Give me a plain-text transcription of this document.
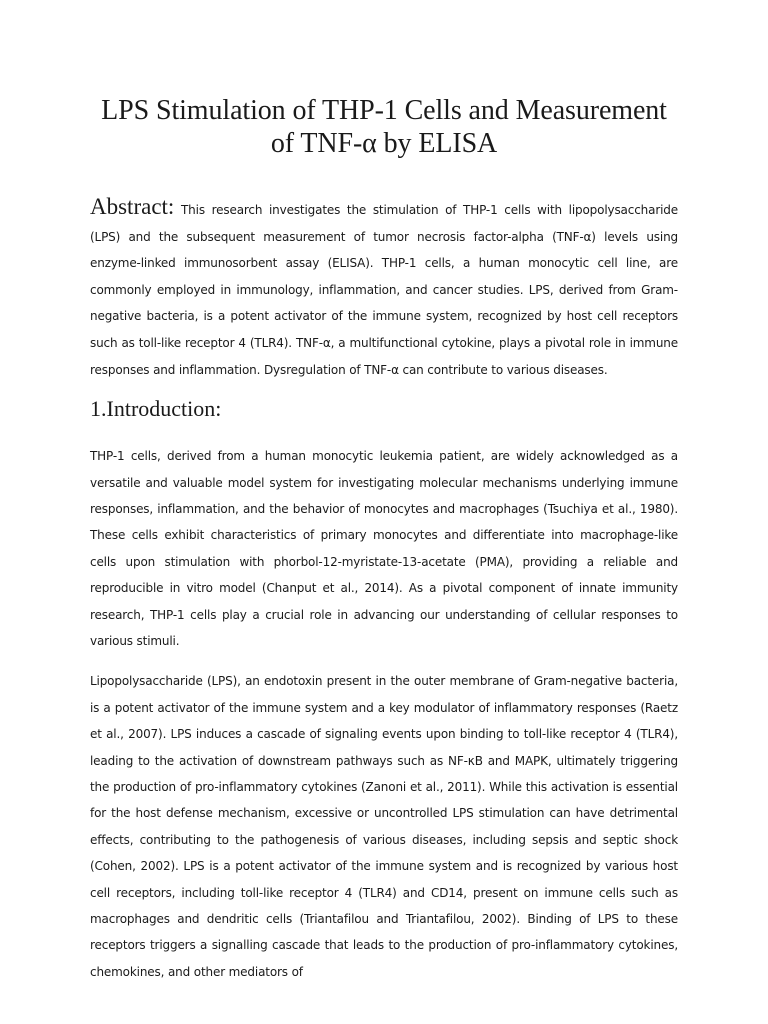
LPS Stimulation of THP-1 Cells and Measurement of TNF-α by ELISA

Abstract: This research investigates the stimulation of THP-1 cells with lipopolysaccharide (LPS) and the subsequent measurement of tumor necrosis factor-alpha (TNF-α) levels using enzyme-linked immunosorbent assay (ELISA). THP-1 cells, a human monocytic cell line, are commonly employed in immunology, inflammation, and cancer studies. LPS, derived from Gram-negative bacteria, is a potent activator of the immune system, recognized by host cell receptors such as toll-like receptor 4 (TLR4). TNF-α, a multifunctional cytokine, plays a pivotal role in immune responses and inflammation. Dysregulation of TNF-α can contribute to various diseases.

1.Introduction:

THP-1 cells, derived from a human monocytic leukemia patient, are widely acknowledged as a versatile and valuable model system for investigating molecular mechanisms underlying immune responses, inflammation, and the behavior of monocytes and macrophages (Tsuchiya et al., 1980). These cells exhibit characteristics of primary monocytes and differentiate into macrophage-like cells upon stimulation with phorbol-12-myristate-13-acetate (PMA), providing a reliable and reproducible in vitro model (Chanput et al., 2014). As a pivotal component of innate immunity research, THP-1 cells play a crucial role in advancing our understanding of cellular responses to various stimuli.

Lipopolysaccharide (LPS), an endotoxin present in the outer membrane of Gram-negative bacteria, is a potent activator of the immune system and a key modulator of inflammatory responses (Raetz et al., 2007). LPS induces a cascade of signaling events upon binding to toll-like receptor 4 (TLR4), leading to the activation of downstream pathways such as NF-κB and MAPK, ultimately triggering the production of pro-inflammatory cytokines (Zanoni et al., 2011). While this activation is essential for the host defense mechanism, excessive or uncontrolled LPS stimulation can have detrimental effects, contributing to the pathogenesis of various diseases, including sepsis and septic shock (Cohen, 2002). LPS is a potent activator of the immune system and is recognized by various host cell receptors, including toll-like receptor 4 (TLR4) and CD14, present on immune cells such as macrophages and dendritic cells (Triantafilou and Triantafilou, 2002). Binding of LPS to these receptors triggers a signalling cascade that leads to the production of pro-inflammatory cytokines, chemokines, and other mediators of
